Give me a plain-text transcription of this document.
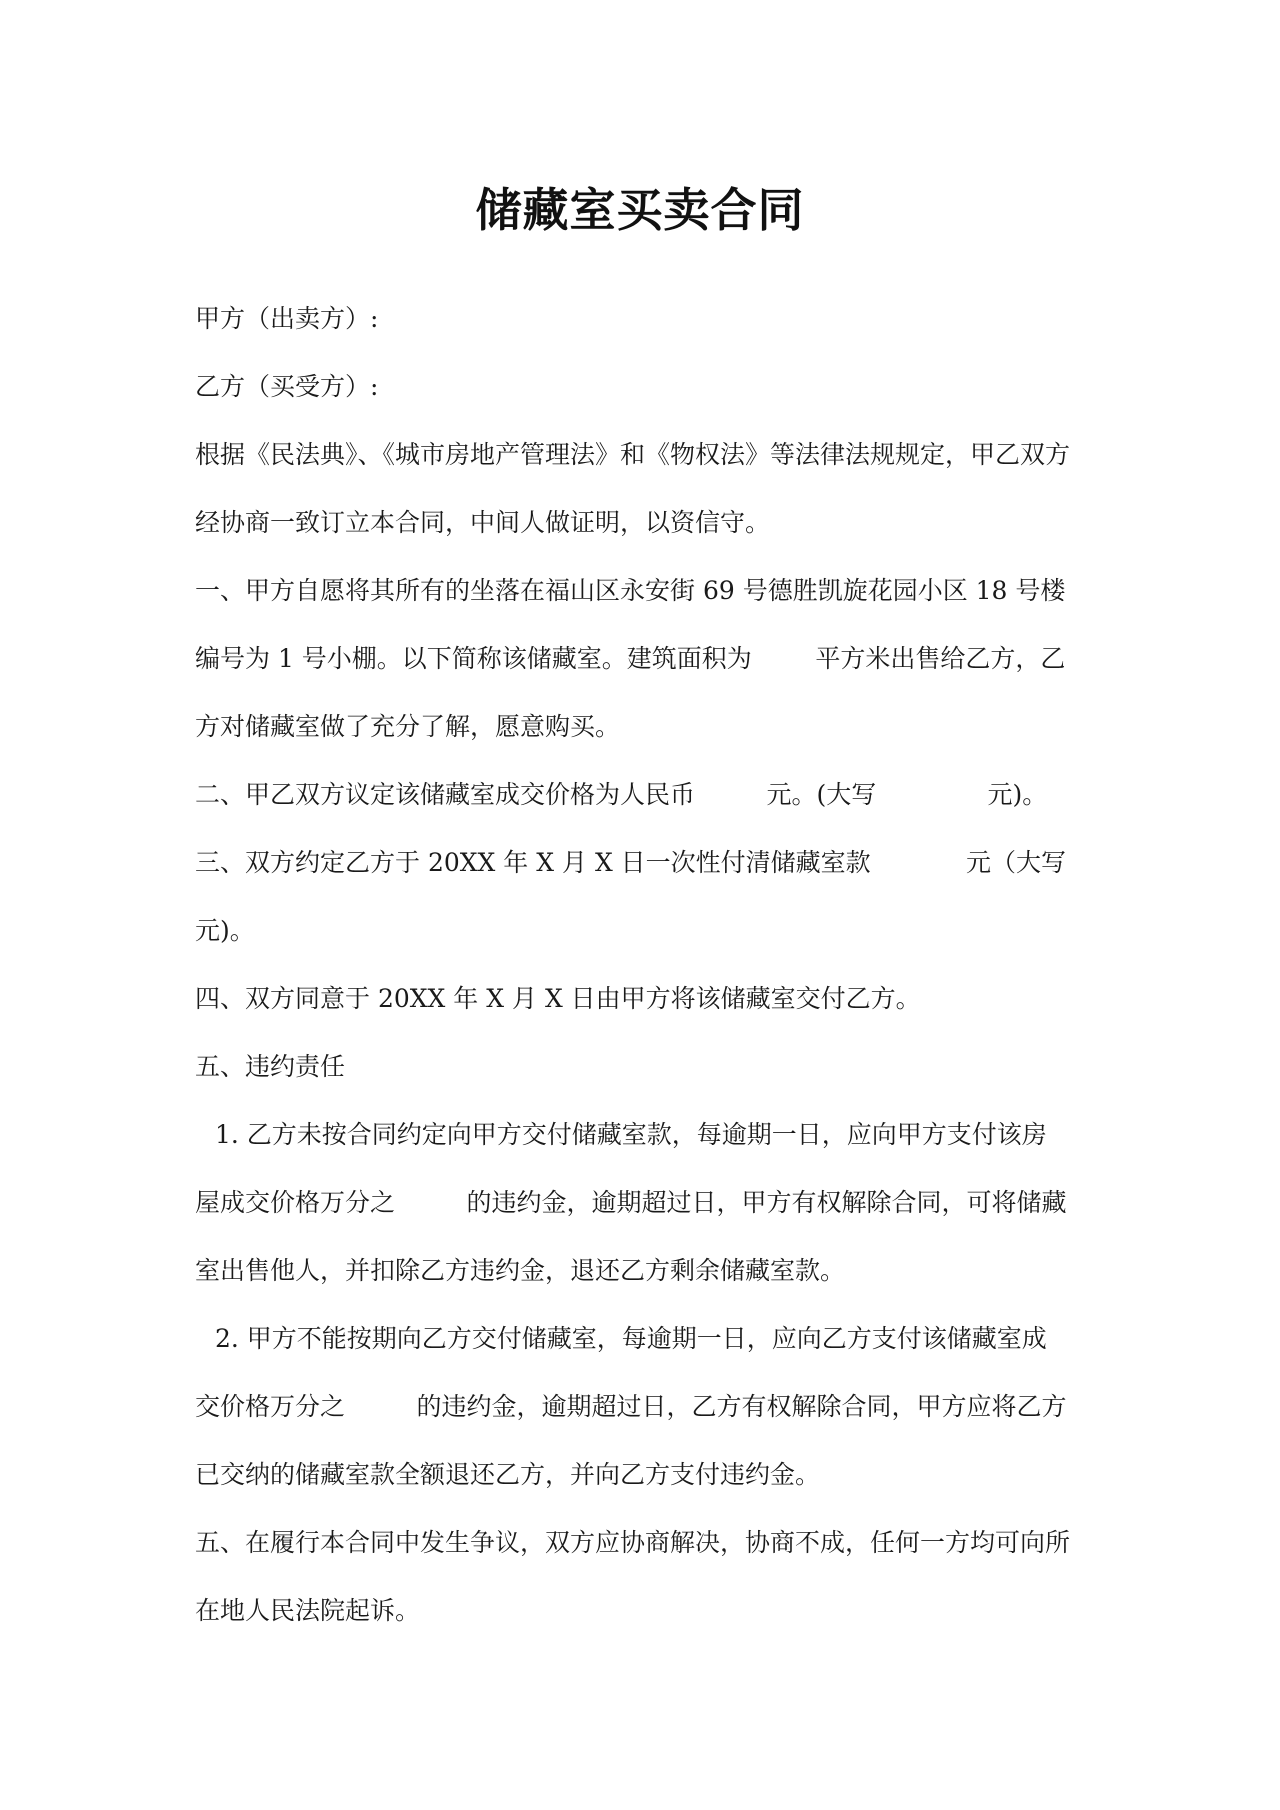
储藏室买卖合同
甲方（出卖方）:
乙方（买受方）:
根据《民法典》、《城市房地产管理法》和《物权法》等法律法规规定，甲乙双方
经协商一致订立本合同，中间人做证明，以资信守。
一、甲方自愿将其所有的坐落在福山区永安街 69 号德胜凯旋花园小区 18 号楼
编号为 1 号小棚。以下简称该储藏室。建筑面积为        平方米出售给乙方，乙
方对储藏室做了充分了解，愿意购买。
二、甲乙双方议定该储藏室成交价格为人民币         元。(大写              元)。
三、双方约定乙方于 20XX 年 X 月 X 日一次性付清储藏室款            元（大写
元)。
四、双方同意于 20XX 年 X 月 X 日由甲方将该储藏室交付乙方。
五、违约责任
1. 乙方未按合同约定向甲方交付储藏室款，每逾期一日，应向甲方支付该房
屋成交价格万分之         的违约金，逾期超过日，甲方有权解除合同，可将储藏
室出售他人，并扣除乙方违约金，退还乙方剩余储藏室款。
2. 甲方不能按期向乙方交付储藏室，每逾期一日，应向乙方支付该储藏室成
交价格万分之         的违约金，逾期超过日，乙方有权解除合同，甲方应将乙方
已交纳的储藏室款全额退还乙方，并向乙方支付违约金。
五、在履行本合同中发生争议，双方应协商解决，协商不成，任何一方均可向所
在地人民法院起诉。
